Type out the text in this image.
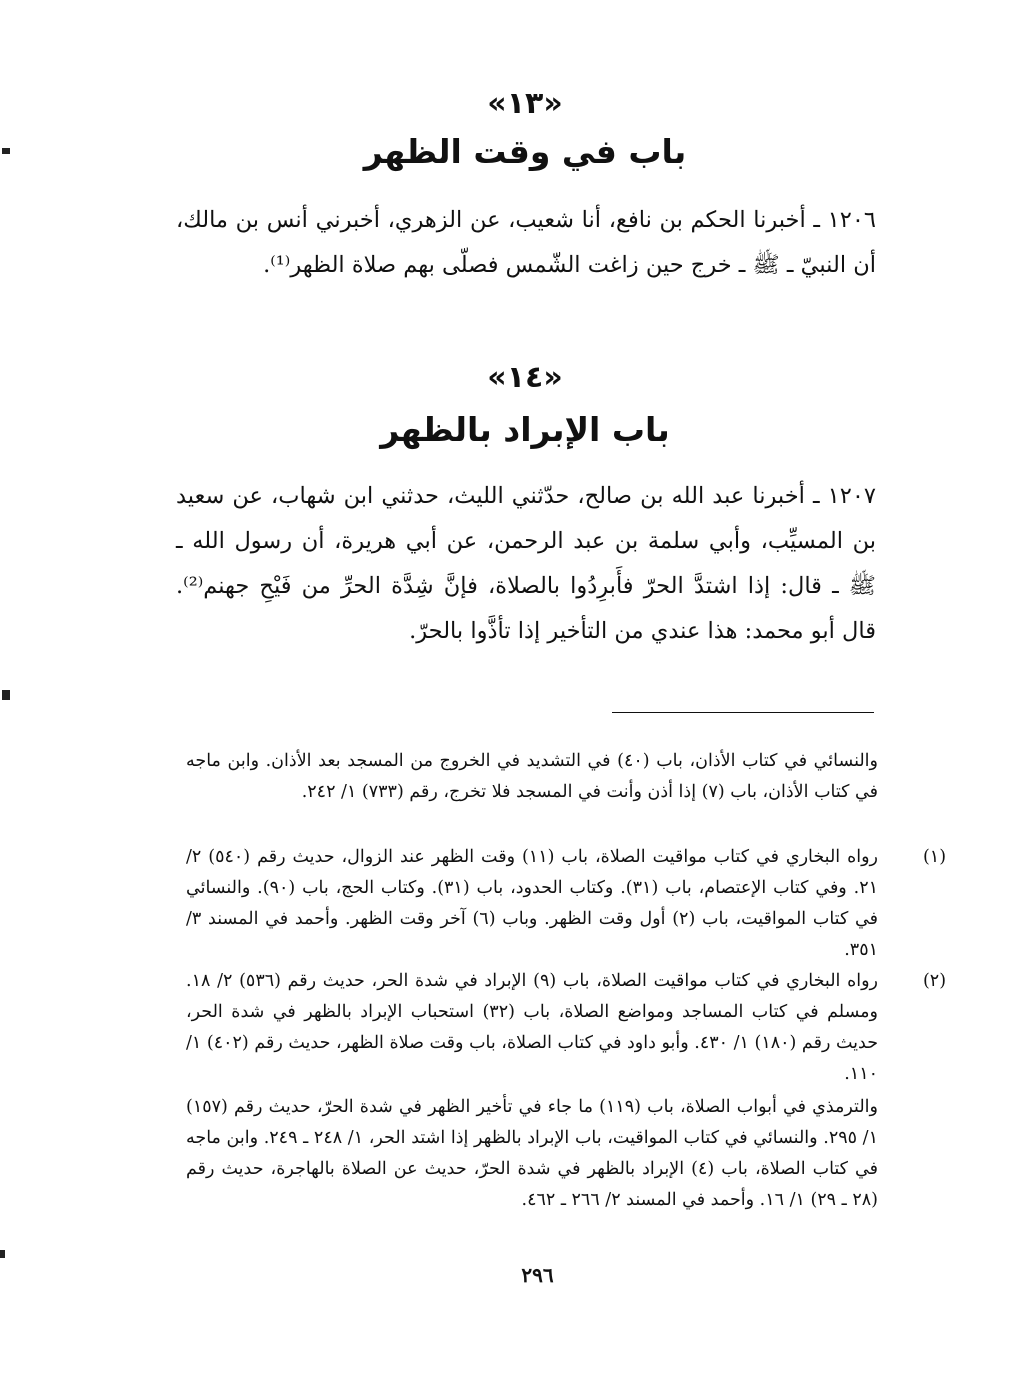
«١٣»
باب في وقت الظهر
١٢٠٦ ـ أخبرنا الحكم بن نافع، أنا شعيب، عن الزهري، أخبرني أنس بن مالك، أن النبيّ ـ ﷺ ـ خرج حين زاغت الشّمس فصلّى بهم صلاة الظهر⁽¹⁾.
«١٤»
باب الإبراد بالظهر
١٢٠٧ ـ أخبرنا عبد الله بن صالح، حدّثني الليث، حدثني ابن شهاب، عن سعيد بن المسيِّب، وأبي سلمة بن عبد الرحمن، عن أبي هريرة، أن رسول الله ـ ﷺ ـ قال: إذا اشتدَّ الحرّ فأَبرِدُوا بالصلاة، فإنَّ شِدَّة الحرِّ من فَيْحِ جهنم⁽²⁾. قال أبو محمد: هذا عندي من التأخير إذا تأذَّوا بالحرّ.
والنسائي في كتاب الأذان، باب (٤٠) في التشديد في الخروج من المسجد بعد الأذان. وابن ماجه في كتاب الأذان، باب (٧) إذا أذن وأنت في المسجد فلا تخرج، رقم (٧٣٣) ١/ ٢٤٢.
(١)رواه البخاري في كتاب مواقيت الصلاة، باب (١١) وقت الظهر عند الزوال، حديث رقم (٥٤٠) ٢/ ٢١. وفي كتاب الإعتصام، باب (٣١). وكتاب الحدود، باب (٣١). وكتاب الحج، باب (٩٠). والنسائي في كتاب المواقيت، باب (٢) أول وقت الظهر. وباب (٦) آخر وقت الظهر. وأحمد في المسند ٣/ ٣٥١.
(٢)رواه البخاري في كتاب مواقيت الصلاة، باب (٩) الإبراد في شدة الحر، حديث رقم (٥٣٦) ٢/ ١٨. ومسلم في كتاب المساجد ومواضع الصلاة، باب (٣٢) استحباب الإبراد بالظهر في شدة الحر، حديث رقم (١٨٠) ١/ ٤٣٠. وأبو داود في كتاب الصلاة، باب وقت صلاة الظهر، حديث رقم (٤٠٢) ١/ ١١٠.
والترمذي في أبواب الصلاة، باب (١١٩) ما جاء في تأخير الظهر في شدة الحرّ، حديث رقم (١٥٧) ١/ ٢٩٥. والنسائي في كتاب المواقيت، باب الإبراد بالظهر إذا اشتد الحر، ١/ ٢٤٨ ـ ٢٤٩. وابن ماجه في كتاب الصلاة، باب (٤) الإبراد بالظهر في شدة الحرّ، حديث عن الصلاة بالهاجرة، حديث رقم (٢٨ ـ ٢٩) ١/ ١٦. وأحمد في المسند ٢/ ٢٦٦ ـ ٤٦٢.
٢٩٦
